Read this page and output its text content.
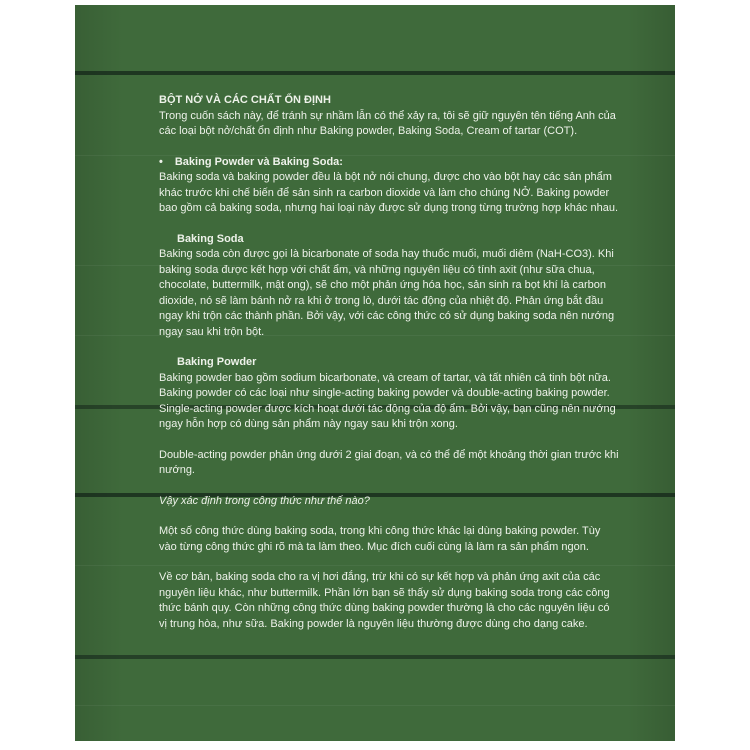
BỘT NỞ VÀ CÁC CHẤT ỔN ĐỊNH

Trong cuốn sách này, để tránh sự nhầm lẫn có thể xảy ra, tôi sẽ giữ nguyên tên tiếng Anh của các loại bột nở/chất ổn định như Baking powder, Baking Soda, Cream of tartar (COT).

• Baking Powder và Baking Soda:

Baking soda và baking powder đều là bột nở nói chung, được cho vào bột hay các sản phẩm khác trước khi chế biến để sản sinh ra carbon dioxide và làm cho chúng NỞ. Baking powder bao gồm cả baking soda, nhưng hai loại này được sử dụng trong từng trường hợp khác nhau.

Baking Soda

Baking soda còn được gọi là bicarbonate of soda hay thuốc muối, muối diêm (NaH-CO3). Khi baking soda được kết hợp với chất ẩm, và những nguyên liệu có tính axit (như sữa chua, chocolate, buttermilk, mật ong), sẽ cho một phản ứng hóa học, sản sinh ra bọt khí là carbon dioxide, nó sẽ làm bánh nở ra khi ở trong lò, dưới tác động của nhiệt độ. Phản ứng bắt đầu ngay khi trộn các thành phần. Bởi vậy, với các công thức có sử dụng baking soda nên nướng ngay sau khi trộn bột.

Baking Powder

Baking powder bao gồm sodium bicarbonate, và cream of tartar, và tất nhiên cả tinh bột nữa. Baking powder có các loại như single-acting baking powder và double-acting baking powder. Single-acting powder được kích hoạt dưới tác động của độ ẩm. Bởi vậy, bạn cũng nên nướng ngay hỗn hợp có dùng sản phẩm này ngay sau khi trộn xong.

Double-acting powder phản ứng dưới 2 giai đoạn, và có thể để một khoảng thời gian trước khi nướng.

Vậy xác định trong công thức như thế nào?

Một số công thức dùng baking soda, trong khi công thức khác lại dùng baking powder. Tùy vào từng công thức ghi rõ mà ta làm theo. Mục đích cuối cùng là làm ra sản phẩm ngon.

Về cơ bản, baking soda cho ra vị hơi đắng, trừ khi có sự kết hợp và phản ứng axit của các nguyên liệu khác, như buttermilk. Phần lớn bạn sẽ thấy sử dụng baking soda trong các công thức bánh quy. Còn những công thức dùng baking powder thường là cho các nguyên liệu có vị trung hòa, như sữa. Baking powder là nguyên liệu thường được dùng cho dạng cake.
